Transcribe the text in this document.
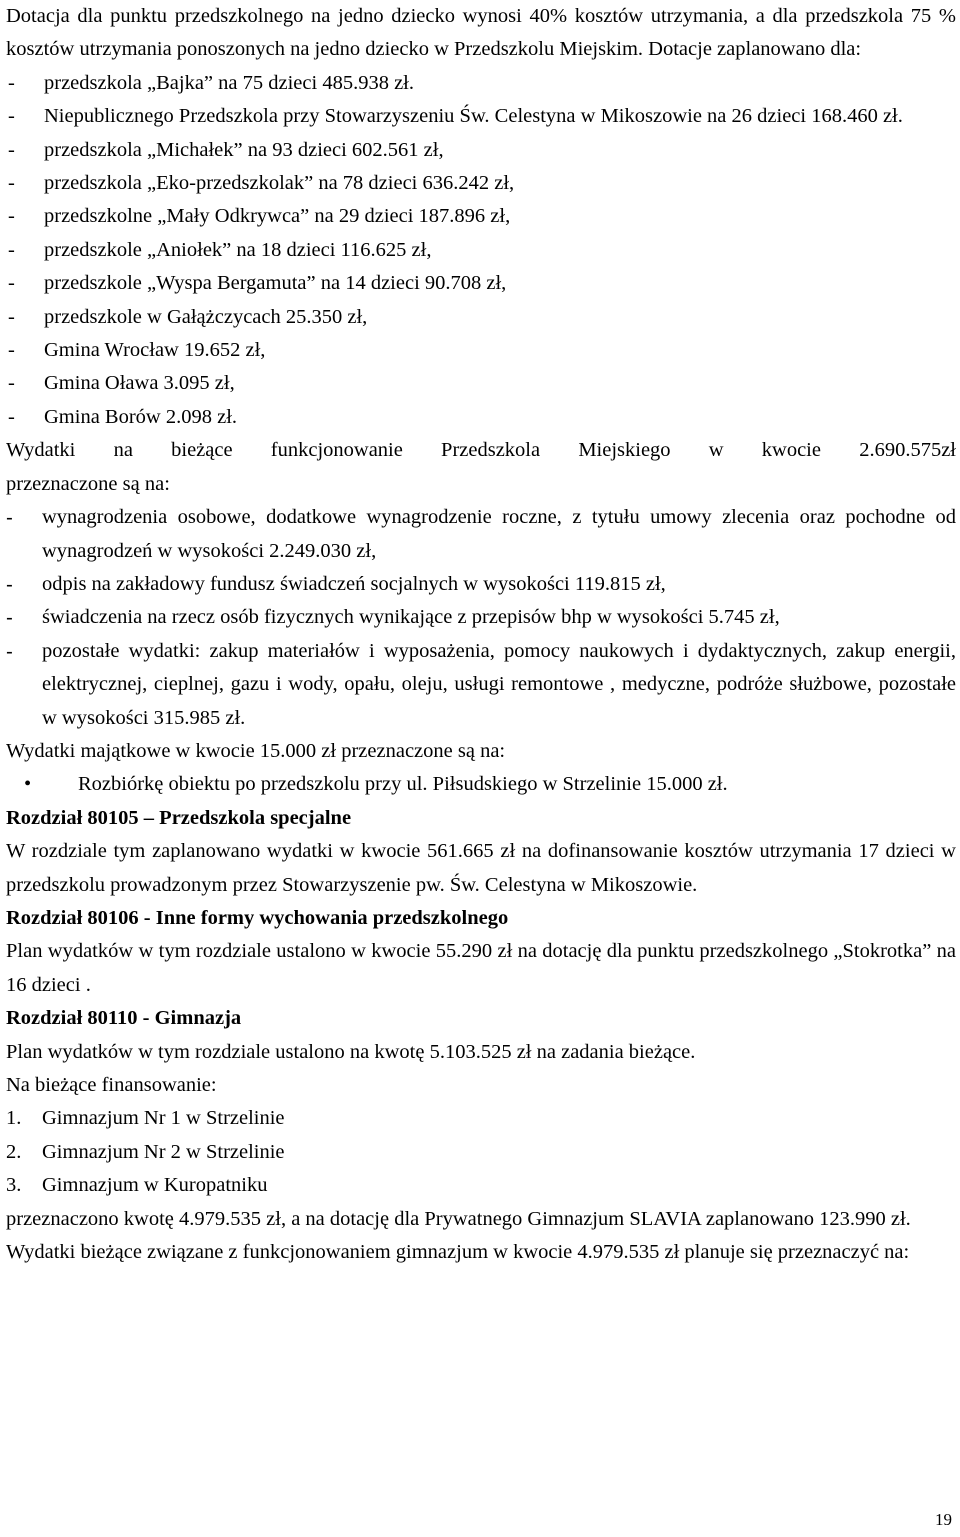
Dotacja dla punktu przedszkolnego na jedno dziecko wynosi 40% kosztów utrzymania, a dla przedszkola 75 % kosztów utrzymania ponoszonych na jedno dziecko w Przedszkolu Miejskim. Dotacje zaplanowano dla:

-	przedszkola „Bajka” na 75 dzieci 485.938 zł.
-	Niepublicznego Przedszkola przy Stowarzyszeniu Św. Celestyna w Mikoszowie na 26 dzieci 168.460 zł.
-	przedszkola „Michałek” na 93 dzieci 602.561 zł,
-	przedszkola „Eko-przedszkolak” na 78 dzieci 636.242 zł,
-	przedszkolne „Mały Odkrywca” na 29 dzieci 187.896 zł,
-	przedszkole „Aniołek” na 18 dzieci 116.625 zł,
-	przedszkole „Wyspa Bergamuta” na 14 dzieci 90.708 zł,
-	przedszkole w Gałążczycach 25.350 zł,
-	Gmina Wrocław 19.652 zł,
-	Gmina Oława 3.095 zł,
-	Gmina Borów 2.098 zł.

Wydatki na bieżące funkcjonowanie Przedszkola Miejskiego w kwocie 2.690.575zł

przeznaczone są na:

-	wynagrodzenia osobowe, dodatkowe wynagrodzenie roczne, z tytułu umowy zlecenia oraz pochodne od wynagrodzeń w wysokości 2.249.030 zł,
-	odpis na zakładowy fundusz świadczeń socjalnych w wysokości 119.815 zł,
-	świadczenia na rzecz osób fizycznych wynikające z przepisów bhp w wysokości 5.745 zł,
-	pozostałe wydatki: zakup materiałów i wyposażenia, pomocy naukowych i dydaktycznych, zakup energii, elektrycznej, cieplnej, gazu i wody, opału, oleju, usługi remontowe , medyczne, podróże służbowe, pozostałe w wysokości 315.985 zł.

Wydatki majątkowe w kwocie 15.000 zł przeznaczone są na:

•	Rozbiórkę obiektu po przedszkolu przy ul. Piłsudskiego w Strzelinie 15.000 zł.

Rozdział 80105 – Przedszkola specjalne

W rozdziale tym zaplanowano wydatki w kwocie 561.665 zł na dofinansowanie kosztów utrzymania 17 dzieci w przedszkolu prowadzonym przez Stowarzyszenie pw. Św. Celestyna w Mikoszowie.

Rozdział 80106 - Inne formy wychowania przedszkolnego

Plan wydatków w tym rozdziale ustalono w kwocie 55.290 zł na dotację dla punktu przedszkolnego „Stokrotka” na 16 dzieci .

Rozdział 80110 - Gimnazja

Plan wydatków w tym rozdziale ustalono na kwotę 5.103.525 zł na zadania bieżące.

Na bieżące finansowanie:

1.	Gimnazjum Nr 1 w Strzelinie
2.	Gimnazjum Nr 2 w Strzelinie
3.	Gimnazjum w Kuropatniku

przeznaczono kwotę 4.979.535 zł, a na dotację dla Prywatnego Gimnazjum SLAVIA zaplanowano 123.990 zł.

Wydatki bieżące związane z funkcjonowaniem gimnazjum w kwocie 4.979.535 zł planuje się przeznaczyć na:

19
